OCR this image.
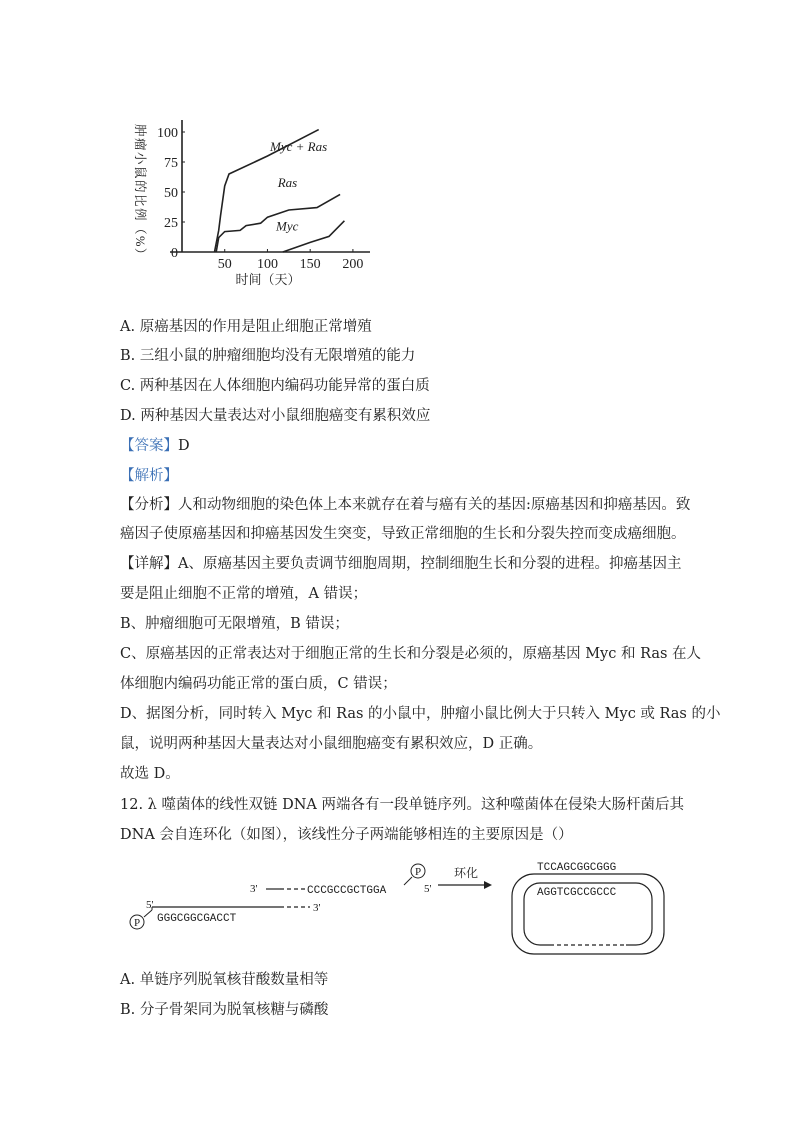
0
25
50
75
100
50 100 150 200
Myc + Ras
Ras
Myc
肿瘤小鼠的比例（%）
时间（天）
A. 原癌基因的作用是阻止细胞正常增殖
B. 三组小鼠的肿瘤细胞均没有无限增殖的能力
C. 两种基因在人体细胞内编码功能异常的蛋白质
D. 两种基因大量表达对小鼠细胞癌变有累积效应
【答案】D
【解析】
【分析】人和动物细胞的染色体上本来就存在着与癌有关的基因:原癌基因和抑癌基因。致
癌因子使原癌基因和抑癌基因发生突变，导致正常细胞的生长和分裂失控而变成癌细胞。
【详解】A、原癌基因主要负责调节细胞周期，控制细胞生长和分裂的进程。抑癌基因主
要是阻止细胞不正常的增殖，A 错误；
B、肿瘤细胞可无限增殖，B 错误；
C、原癌基因的正常表达对于细胞正常的生长和分裂是必须的，原癌基因 Myc 和 Ras 在人
体细胞内编码功能正常的蛋白质，C 错误；
D、据图分析，同时转入 Myc 和 Ras 的小鼠中，肿瘤小鼠比例大于只转入 Myc 或 Ras 的小
鼠，说明两种基因大量表达对小鼠细胞癌变有累积效应，D 正确。
故选 D。
12. λ 噬菌体的线性双链 DNA 两端各有一段单链序列。这种噬菌体在侵染大肠杆菌后其
DNA 会自连环化（如图），该线性分子两端能够相连的主要原因是（）
3'	CCCGCCGCTGGA
P
5'
5'
P
3'
GGGCGGCGACCT
环化	TCCAGCGGCGGG
AGGTCGCCGCCC
A. 单链序列脱氧核苷酸数量相等
B. 分子骨架同为脱氧核糖与磷酸
